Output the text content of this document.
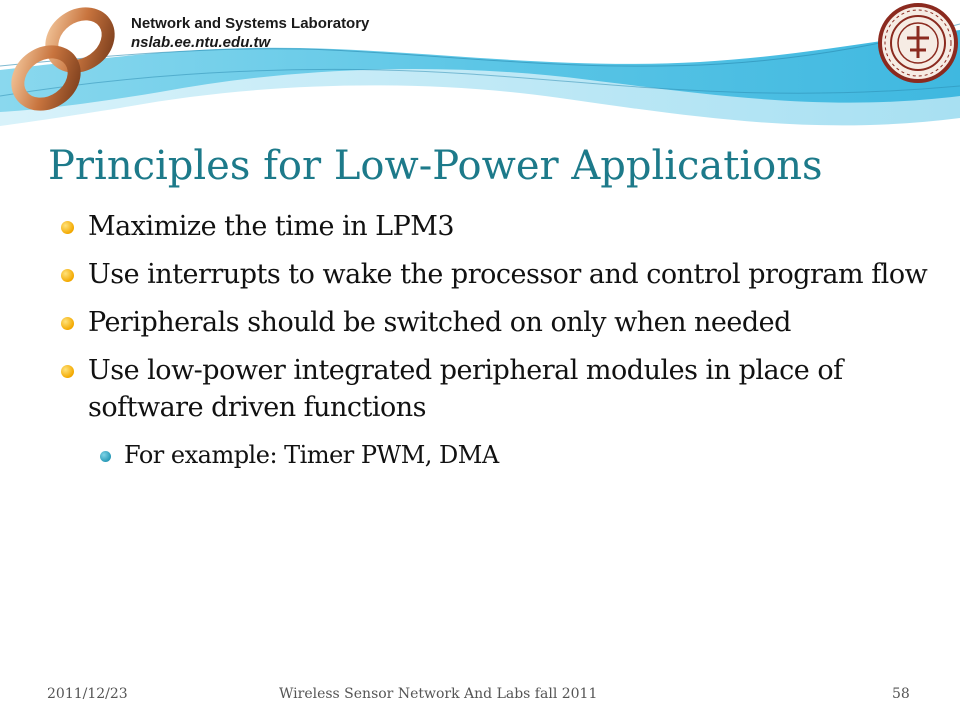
Network and Systems Laboratory
nslab.ee.ntu.edu.tw
Principles for Low-Power Applications
Maximize the time in LPM3
Use interrupts to wake the processor and control program flow
Peripherals should be switched on only when needed
Use low-power integrated peripheral modules in place of software driven functions
For example: Timer PWM, DMA
2011/12/23	Wireless Sensor Network And Labs fall 2011	58
